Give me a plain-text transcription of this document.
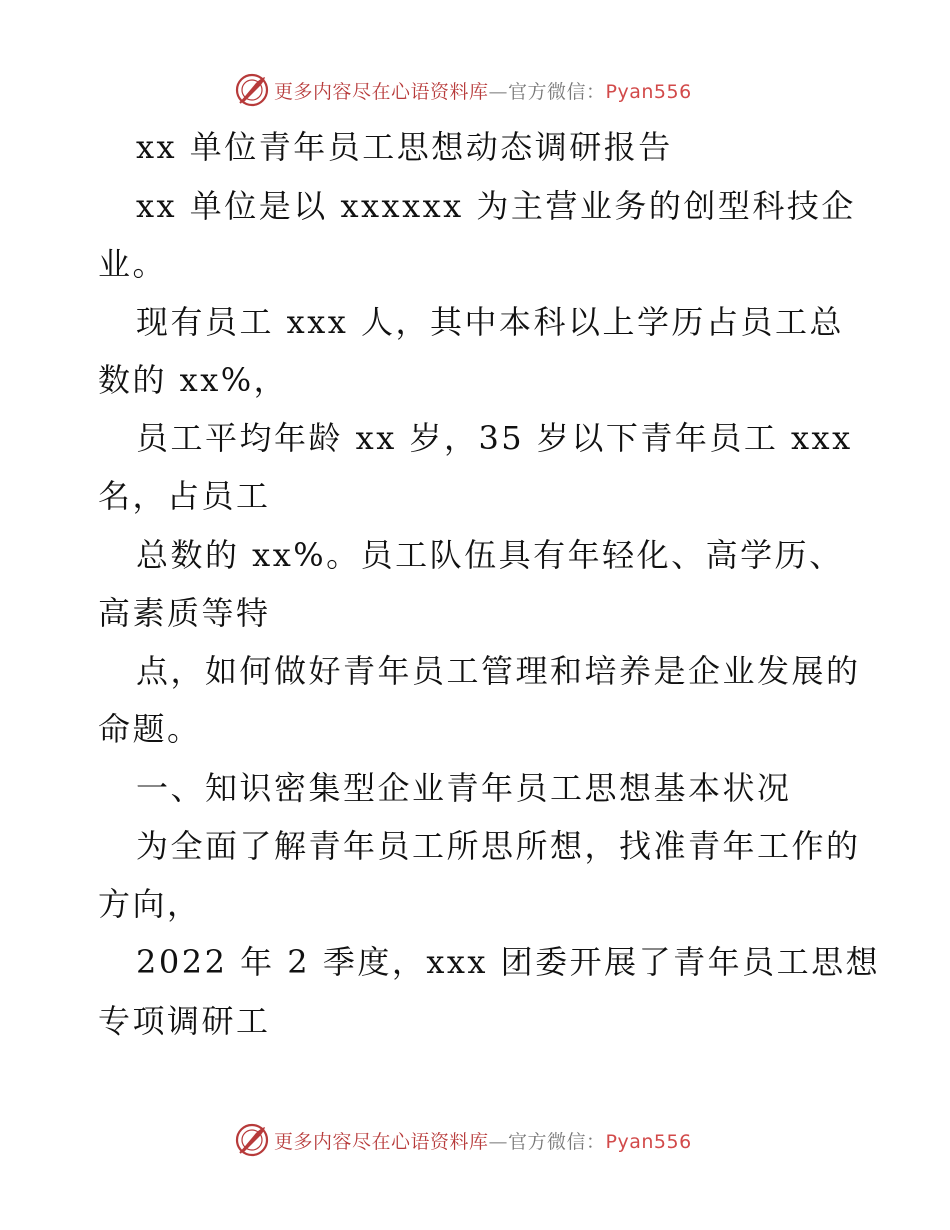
更多内容尽在心语资料库—官方微信：Pyan556
xx 单位青年员工思想动态调研报告
xx 单位是以 xxxxxx 为主营业务的创型科技企
业。
现有员工 xxx 人，其中本科以上学历占员工总
数的 xx%，
员工平均年龄 xx 岁，35 岁以下青年员工 xxx
名，占员工
总数的 xx%。员工队伍具有年轻化、高学历、
高素质等特
点，如何做好青年员工管理和培养是企业发展的
命题。
一、知识密集型企业青年员工思想基本状况
为全面了解青年员工所思所想，找准青年工作的
方向，
2022 年 2 季度，xxx 团委开展了青年员工思想
专项调研工
更多内容尽在心语资料库—官方微信：Pyan556
